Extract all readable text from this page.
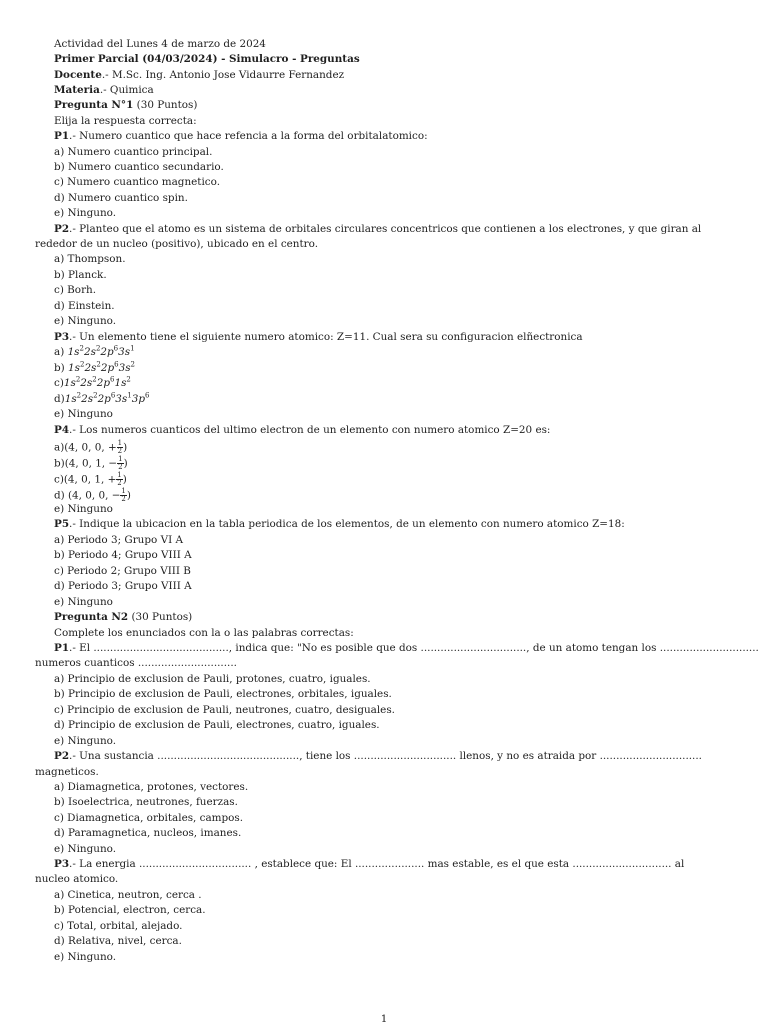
Actividad del Lunes 4 de marzo de 2024
Primer Parcial (04/03/2024) - Simulacro - Preguntas
Docente.- M.Sc. Ing. Antonio Jose Vidaurre Fernandez
Materia.- Quimica
Pregunta N°1 (30 Puntos)
Elija la respuesta correcta:
P1.- Numero cuantico que hace refencia a la forma del orbitalatomico:
a) Numero cuantico principal.
b) Numero cuantico secundario.
c) Numero cuantico magnetico.
d) Numero cuantico spin.
e) Ninguno.
P2.- Planteo que el atomo es un sistema de orbitales circulares concentricos que contienen a los electrones, y que giran al
rededor de un nucleo (positivo), ubicado en el centro.
a) Thompson.
b) Planck.
c) Borh.
d) Einstein.
e) Ninguno.
P3.- Un elemento tiene el siguiente numero atomico: Z=11. Cual sera su configuracion elñectronica
a) $1s^22s^22p^63s^1$
b) $1s^22s^22p^63s^2$
$c)1s^22s^22p^61s^2$
$d)1s^22s^22p^63s^13p^6$
e) Ninguno
P4.- Los numeros cuanticos del ultimo electron de un elemento con numero atomico Z=20 es:
a)(4, 0, 0, + $\frac{1}{2}$ )
b)(4, 0, 1, − $\frac{1}{2}$ )
c)(4, 0, 1, + $\frac{1}{2}$ )
d) (4, 0, 0, − $\frac{1}{2}$ )
e) Ninguno
P5.- Indique la ubicacion en la tabla periodica de los elementos, de un elemento con numero atomico Z=18:
a) Periodo 3; Grupo VI A
b) Periodo 4; Grupo VIII A
c) Periodo 2; Grupo VIII B
d) Periodo 3; Grupo VIII A
e) Ninguno
Pregunta N2 (30 Puntos)
Complete los enunciados con la o las palabras correctas:
P1.- El ........................................., indica que: "No es posible que dos ................................, de un atomo tengan los ..............................
numeros cuanticos ..............................
a) Principio de exclusion de Pauli, protones, cuatro, iguales.
b) Principio de exclusion de Pauli, electrones, orbitales, iguales.
c) Principio de exclusion de Pauli, neutrones, cuatro, desiguales.
d) Principio de exclusion de Pauli, electrones, cuatro, iguales.
e) Ninguno.
P2.- Una sustancia ..........................................., tiene los ............................... llenos, y no es atraida por ...............................
magneticos.
a) Diamagnetica, protones, vectores.
b) Isoelectrica, neutrones, fuerzas.
c) Diamagnetica, orbitales, campos.
d) Paramagnetica, nucleos, imanes.
e) Ninguno.
P3.- La energia .................................. , establece que: El ..................... mas estable, es el que esta .............................. al
nucleo atomico.
a) Cinetica, neutron, cerca .
b) Potencial, electron, cerca.
c) Total, orbital, alejado.
d) Relativa, nivel, cerca.
e) Ninguno.
1
